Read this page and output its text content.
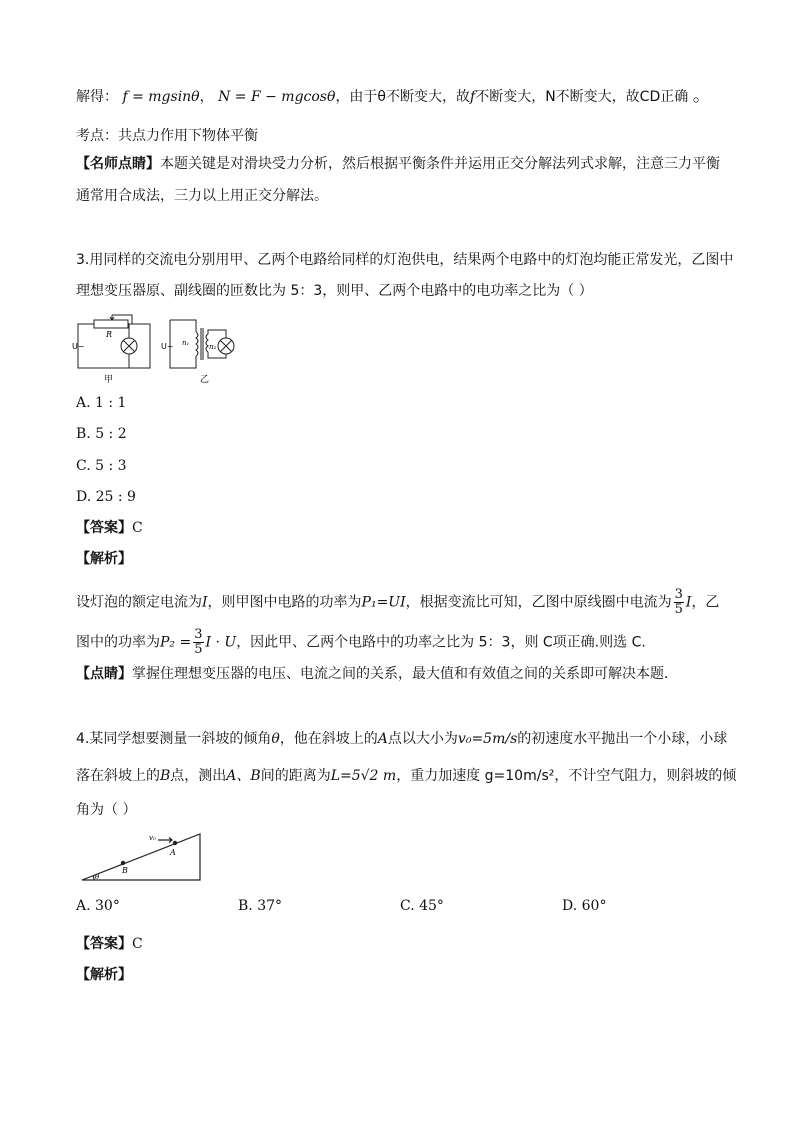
解得： f = mgsinθ， N = F − mgcosθ，由于θ不断变大，故f不断变大，N不断变大，故CD正确 。
考点：共点力作用下物体平衡
【名师点睛】本题关键是对滑块受力分析，然后根据平衡条件并运用正交分解法列式求解，注意三力平衡
通常用合成法，三力以上用正交分解法。
3.用同样的交流电分别用甲、乙两个电路给同样的灯泡供电，结果两个电路中的灯泡均能正常发光，乙图中
理想变压器原、副线圈的匝数比为 5：3，则甲、乙两个电路中的电功率之比为（ ）
R
U~
甲
U~ n₁	n₂
乙
A. 1 : 1
B. 5 : 2
C. 5 : 3
D. 25 : 9
【答案】C
【解析】
设灯泡的额定电流为I，则甲图中电路的功率为P₁=UI，根据变流比可知，乙图中原线圈中电流为 $\frac{3}{5}$ I，乙
图中的功率为$P_2 = \frac{3}{5}$ I · U，因此甲、乙两个电路中的功率之比为 5：3，则 C项正确.则选 C.
【点睛】掌握住理想变压器的电压、电流之间的关系，最大值和有效值之间的关系即可解决本题．
4.某同学想要测量一斜坡的倾角θ，他在斜坡上的A点以大小为v₀=5m/s的初速度水平抛出一个小球，小球
落在斜坡上的B点，测出A、B间的距离为L=5√2 m，重力加速度 g=10m/s²，不计空气阻力，则斜坡的倾
角为（ ）
v₀
A
B
θ
A. 30°	B. 37°	C. 45°	D. 60°
【答案】C
【解析】
